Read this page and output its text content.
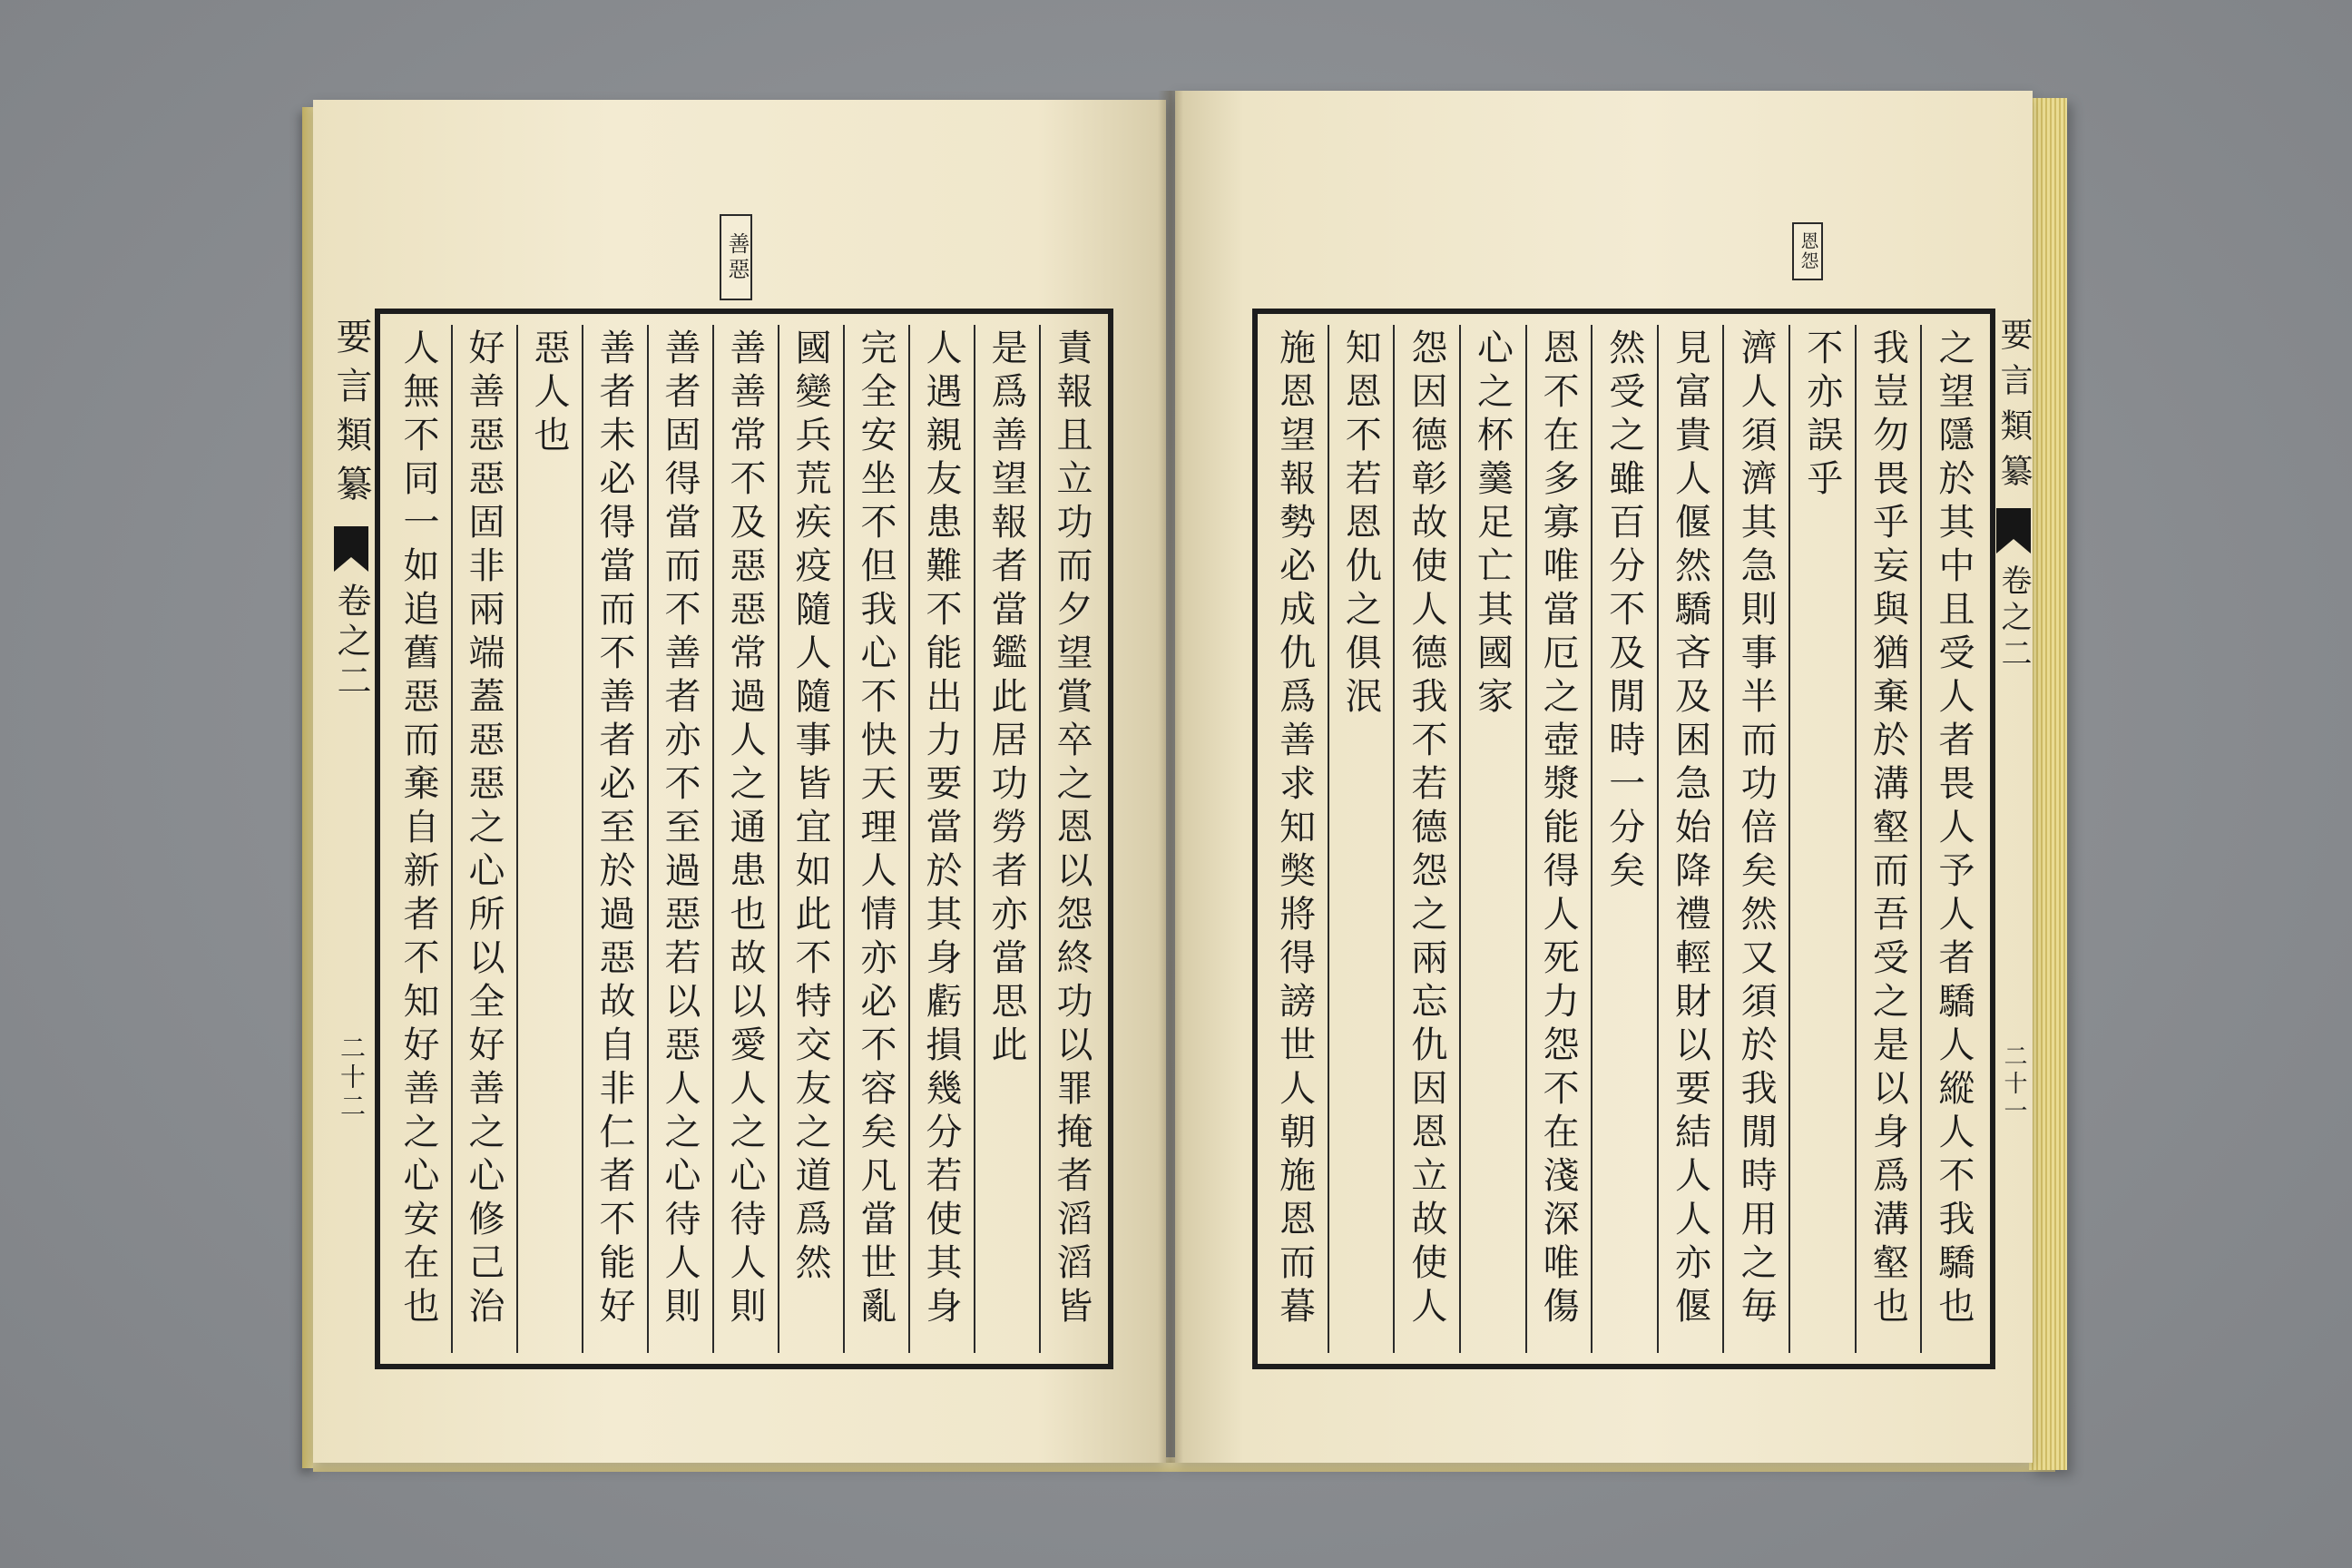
善惡
要言類纂
卷之二
二十二	責報且立功而夕望賞卒之恩以怨終功以罪掩者滔滔皆
是爲善望報者當鑑此居功勞者亦當思此
人遇親友患難不能出力要當於其身虧損幾分若使其身
完全安坐不但我心不快天理人情亦必不容矣凡當世亂
國變兵荒疾疫隨人隨事皆宜如此不特交友之道爲然
善善常不及惡惡常過人之通患也故以愛人之心待人則
善者固得當而不善者亦不至過惡若以惡人之心待人則
善者未必得當而不善者必至於過惡故自非仁者不能好
惡人也
好善惡惡固非兩端蓋惡惡之心所以全好善之心修己治
人無不同一如追舊惡而棄自新者不知好善之心安在也
恩怨
之望隱於其中且受人者畏人予人者驕人縱人不我驕也
我豈勿畏乎妄與猶棄於溝壑而吾受之是以身爲溝壑也
不亦誤乎
濟人須濟其急則事半而功倍矣然又須於我閒時用之毎
見富貴人偃然驕吝及困急始降禮輕財以要結人人亦偃
然受之雖百分不及閒時一分矣
恩不在多寡唯當厄之壺漿能得人死力怨不在淺深唯傷
心之杯羹足亡其國家
怨因德彰故使人德我不若德怨之兩忘仇因恩立故使人
知恩不若恩仇之俱泯
施恩望報勢必成仇爲善求知獘將得謗世人朝施恩而暮	要言類纂
卷之二
二十一
